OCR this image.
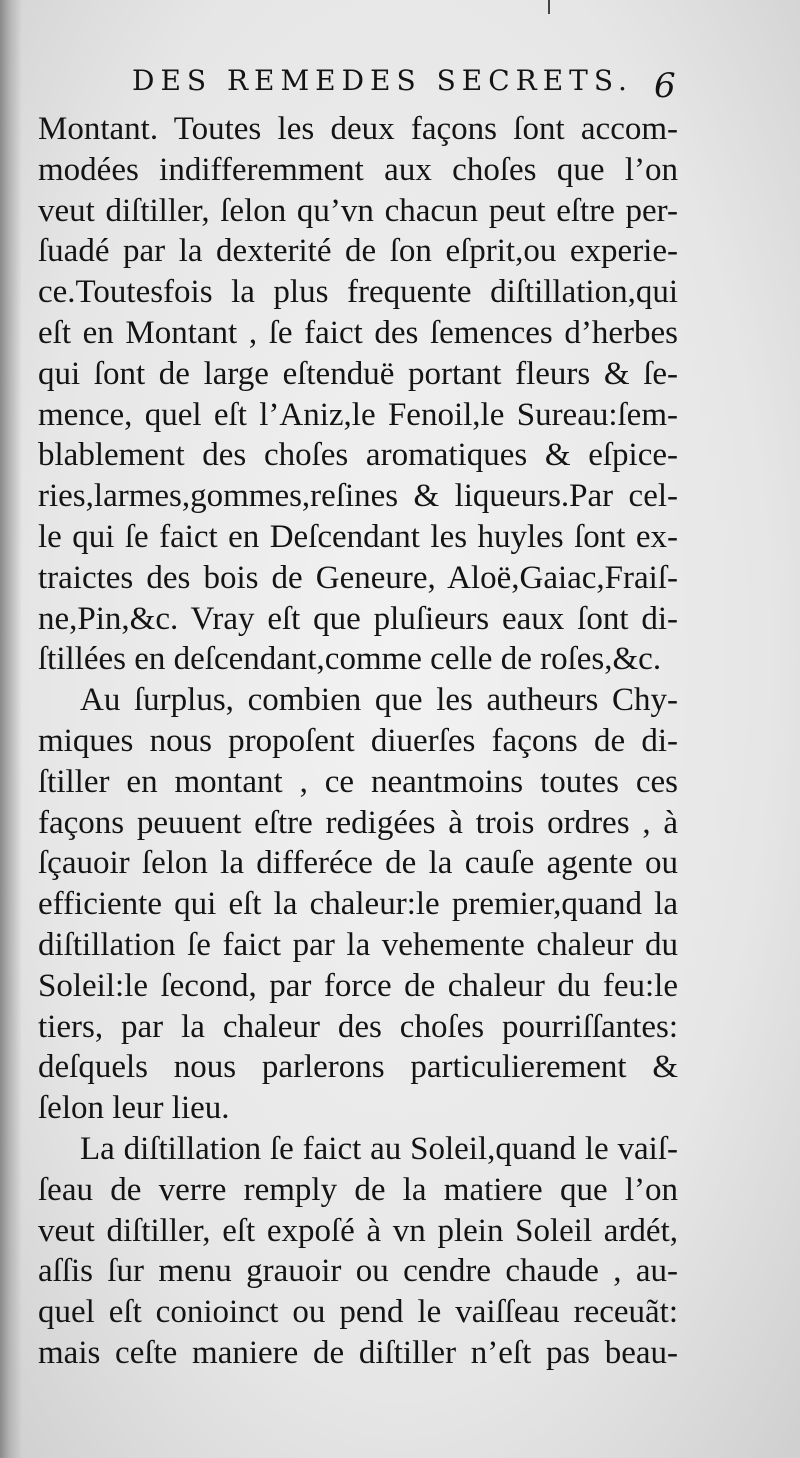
DES REMEDES SECRETS. 6
Montant. Toutes les deux façons ſont accom-
modées indifferemment aux choſes que l’on
veut diſtiller, ſelon qu’vn chacun peut eſtre per-
ſuadé par la dexterité de ſon eſprit,ou experie-
ce.Toutesfois la plus frequente diſtillation,qui
eſt en Montant , ſe faict des ſemences d’herbes
qui ſont de large eſtenduë portant fleurs & ſe-
mence, quel eſt l’Aniz,le Fenoil,le Sureau:ſem-
blablement des choſes aromatiques & eſpice-
ries,larmes,gommes,reſines & liqueurs.Par cel-
le qui ſe faict en Deſcendant les huyles ſont ex-
traictes des bois de Geneure, Aloë,Gaiac,Fraiſ-
ne,Pin,&c. Vray eſt que pluſieurs eaux ſont di-
ſtillées en deſcendant,comme celle de roſes,&c.
Au ſurplus, combien que les autheurs Chy-
miques nous propoſent diuerſes façons de di-
ſtiller en montant , ce neantmoins toutes ces
façons peuuent eſtre redigées à trois ordres , à
ſçauoir ſelon la differéce de la cauſe agente ou
efficiente qui eſt la chaleur:le premier,quand la
diſtillation ſe faict par la vehemente chaleur du
Soleil:le ſecond, par force de chaleur du feu:le
tiers, par la chaleur des choſes pourriſſantes:
deſquels nous parlerons particulierement &
ſelon leur lieu.
La diſtillation ſe faict au Soleil,quand le vaiſ-
ſeau de verre remply de la matiere que l’on
veut diſtiller, eſt expoſé à vn plein Soleil ardét,
aſſis ſur menu grauoir ou cendre chaude , au-
quel eſt conioinct ou pend le vaiſſeau receuãt:
mais ceſte maniere de diſtiller n’eſt pas beau-
